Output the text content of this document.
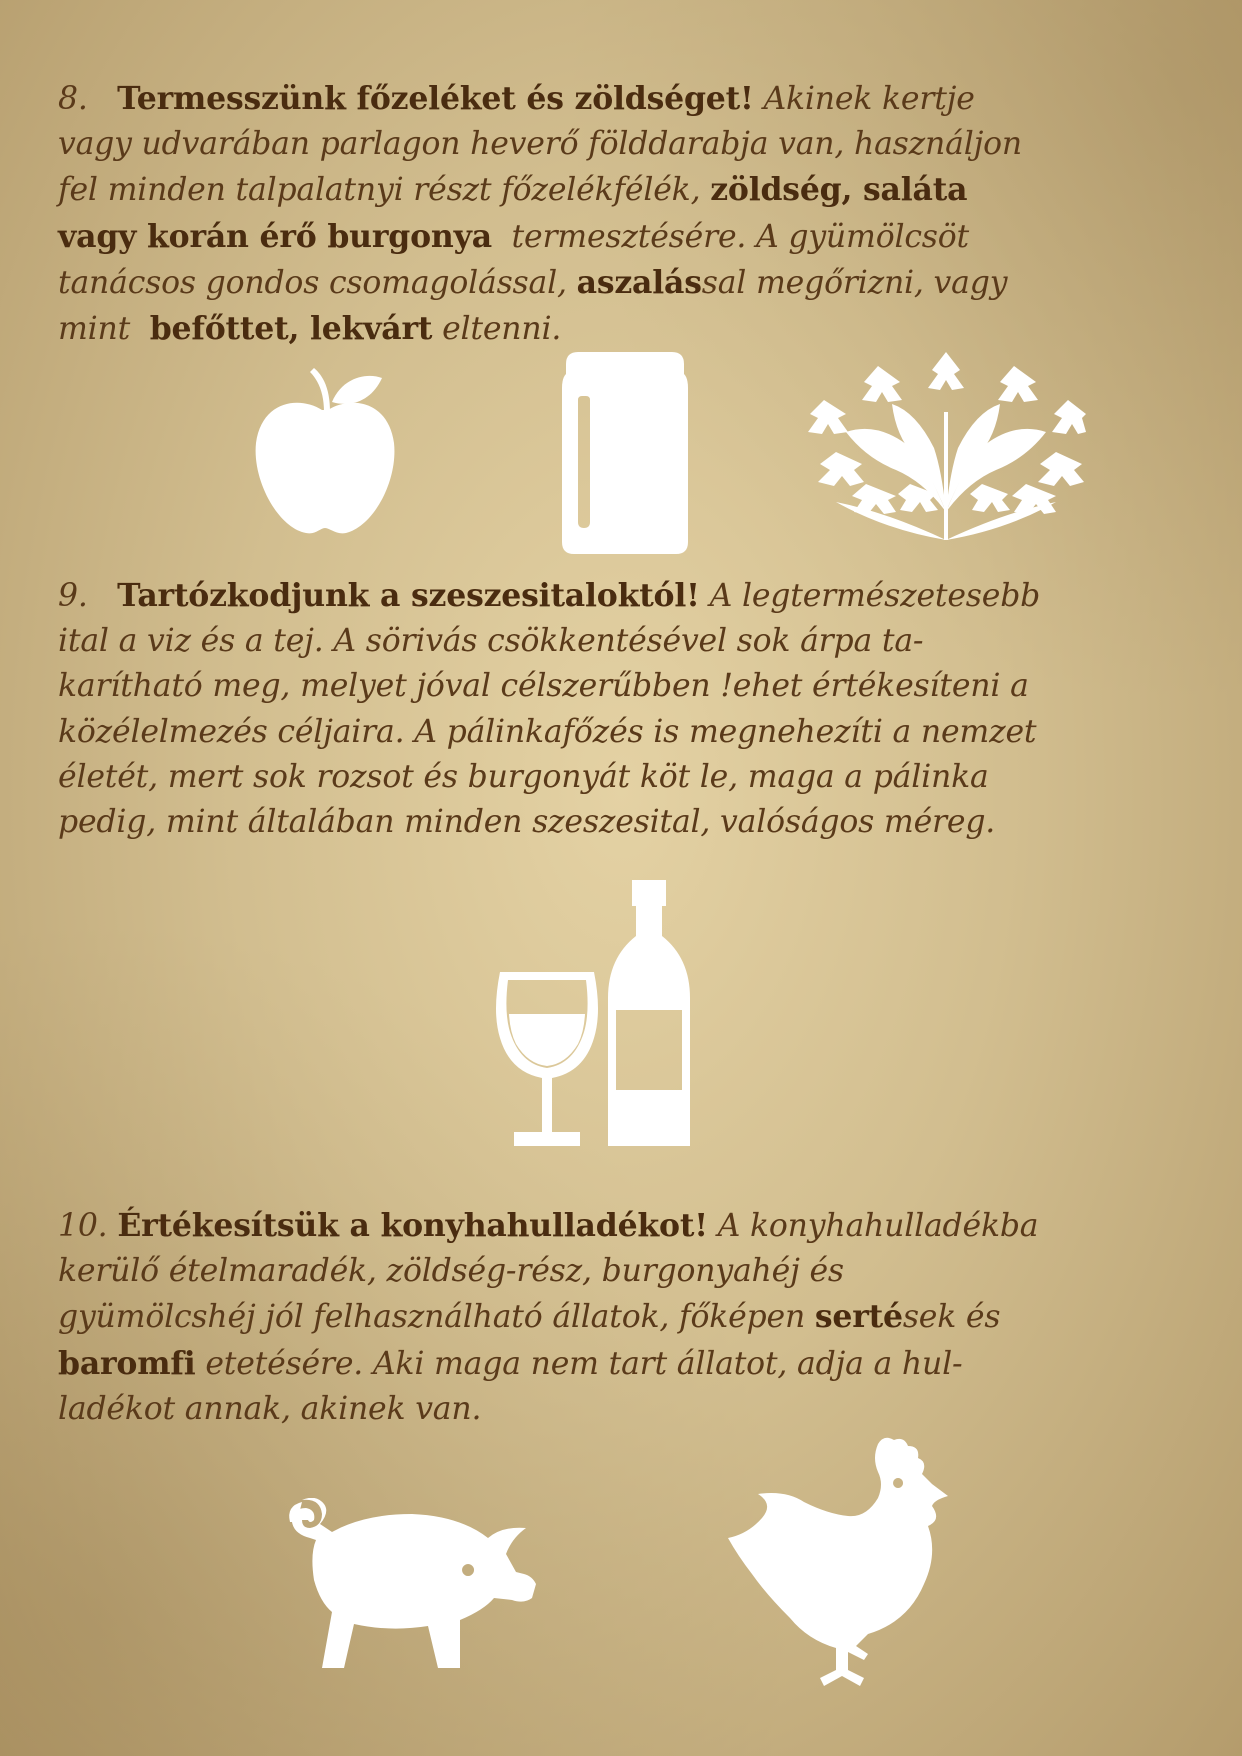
8. Termesszünk főzeléket és zöldséget! Akinek kertje
vagy udvarában parlagon heverő földdarabja van, használjon
fel minden talpalatnyi részt főzelékfélék, zöldség, saláta
vagy korán érő burgonya  termesztésére. A gyümölcsöt
tanácsos gondos csomagolással, aszalással megőrizni, vagy
mint  befőttet, lekvárt eltenni.
9. Tartózkodjunk a szeszesitaloktól! A legtermészetesebb
ital a viz és a tej. A sörivás csökkentésével sok árpa ta-
karítható meg, melyet jóval célszerűbben !ehet értékesíteni a
közélelmezés céljaira. A pálinkafőzés is megnehezíti a nemzet
életét, mert sok rozsot és burgonyát köt le, maga a pálinka
pedig, mint általában minden szeszesital, valóságos méreg.
10. Értékesítsük a konyhahulladékot! A konyhahulladékba
kerülő ételmaradék, zöldség-rész, burgonyahéj és
gyümölcshéj jól felhasználható állatok, főképen sertések és
baromfi etetésére. Aki maga nem tart állatot, adja a hul-
ladékot annak, akinek van.
